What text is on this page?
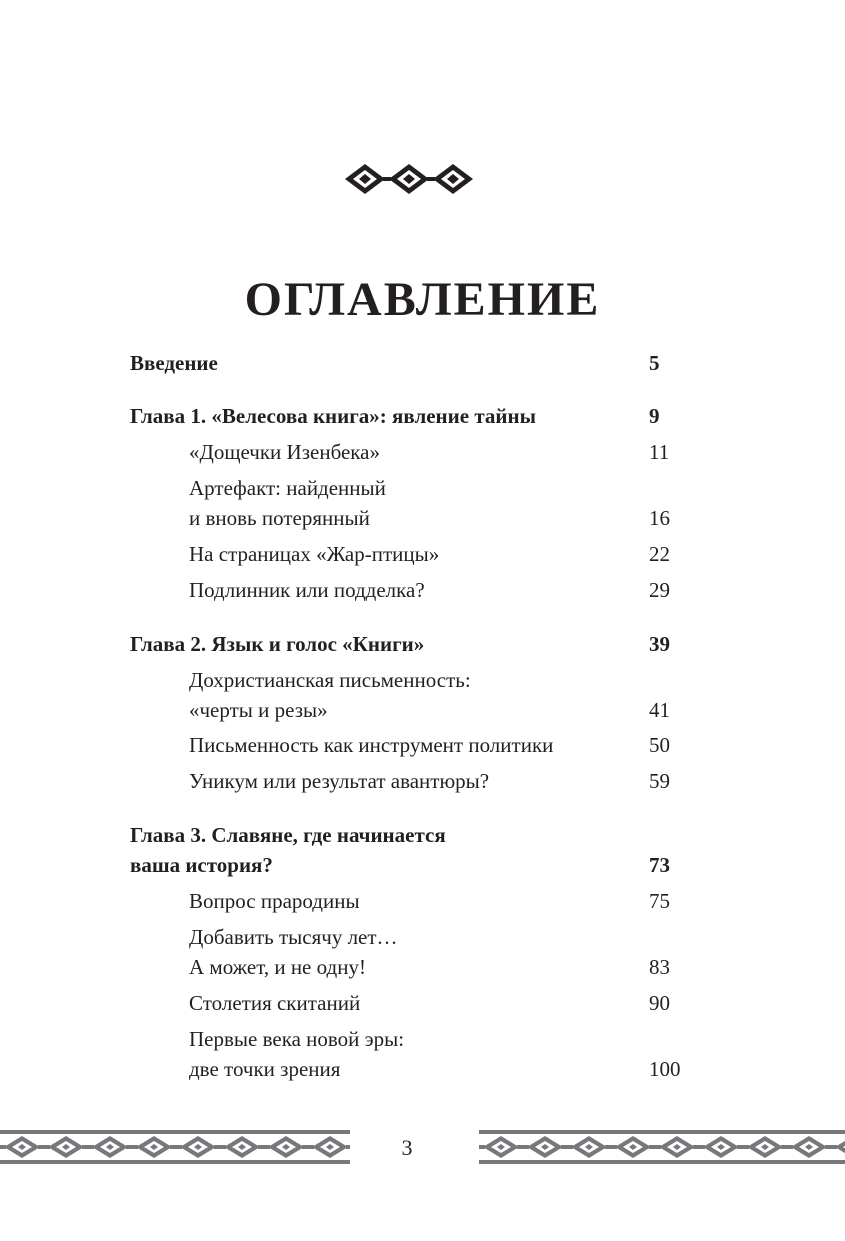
ОГЛАВЛЕНИЕ
Введение	5
Глава 1. «Велесова книга»: явление тайны	9
«Дощечки Изенбека»	11
Артефакт: найденный
и вновь потерянный	16
На страницах «Жар-птицы»	22
Подлинник или подделка?	29
Глава 2. Язык и голос «Книги»	39
Дохристианская письменность:
«черты и резы»	41
Письменность как инструмент политики	50
Уникум или результат авантюры?	59
Глава 3. Славяне, где начинается
ваша история?	73
Вопрос прародины	75
Добавить тысячу лет…
А может, и не одну!	83
Столетия скитаний	90
Первые века новой эры:
две точки зрения	100
3
